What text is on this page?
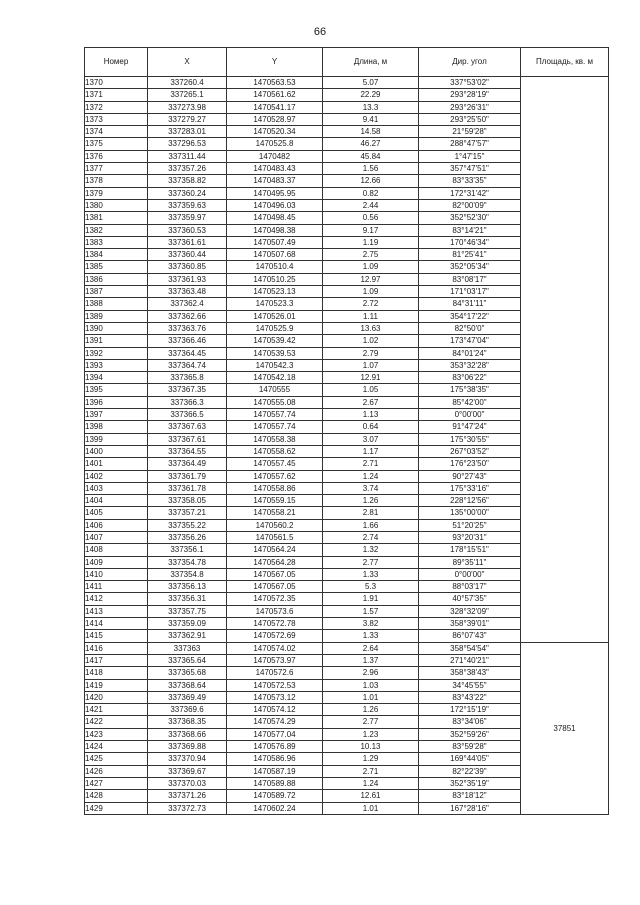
66
Номер	X	Y	Длина, м	Дир. угол	Площадь, кв. м
1370	337260.4	1470563.53	5.07	337°53'02"	
1371	337265.1	1470561.62	22.29	293°28'19"	
1372	337273.98	1470541.17	13.3	293°26'31"	
1373	337279.27	1470528.97	9.41	293°25'50"	
1374	337283.01	1470520.34	14.58	21°59'28"	
1375	337296.53	1470525.8	46.27	288°47'57"	
1376	337311.44	1470482	45.84	1°47'15"	
1377	337357.26	1470483.43	1.56	357°47'51"	
1378	337358.82	1470483.37	12.66	83°33'35"	
1379	337360.24	1470495.95	0.82	172°31'42"	
1380	337359.63	1470496.03	2.44	82°00'09"	
1381	337359.97	1470498.45	0.56	352°52'30"	
1382	337360.53	1470498.38	9.17	83°14'21"	
1383	337361.61	1470507.49	1.19	170°46'34"	
1384	337360.44	1470507.68	2.75	81°25'41"	
1385	337360.85	1470510.4	1.09	352°05'34"	
1386	337361.93	1470510.25	12.97	83°08'17"	
1387	337363.48	1470523.13	1.09	171°03'17"	
1388	337362.4	1470523.3	2.72	84°31'11"	
1389	337362.66	1470526.01	1.11	354°17'22"	
1390	337363.76	1470525.9	13.63	82°50'0"	
1391	337366.46	1470539.42	1.02	173°47'04"	
1392	337364.45	1470539.53	2.79	84°01'24"	
1393	337364.74	1470542.3	1.07	353°32'28"	
1394	337365.8	1470542.18	12.91	83°06'22"	
1395	337367.35	1470555	1.05	175°38'35"	
1396	337366.3	1470555.08	2.67	85°42'00"	
1397	337366.5	1470557.74	1.13	0°00'00"	
1398	337367.63	1470557.74	0.64	91°47'24"	
1399	337367.61	1470558.38	3.07	175°30'55"	
1400	337364.55	1470558.62	1.17	267°03'52"	
1401	337364.49	1470557.45	2.71	176°23'50"	
1402	337361.79	1470557.62	1.24	90°27'43"	
1403	337361.78	1470558.86	3.74	175°33'16"	
1404	337358.05	1470559.15	1.26	228°12'56"	
1405	337357.21	1470558.21	2.81	135°00'00"	
1406	337355.22	1470560.2	1.66	51°20'25"	
1407	337356.26	1470561.5	2.74	93°20'31"	
1408	337356.1	1470564.24	1.32	178°15'51"	
1409	337354.78	1470564.28	2.77	89°35'11"	
1410	337354.8	1470567.05	1.33	0°00'00"	
1411	337356.13	1470567.05	5.3	88°03'17"	
1412	337356.31	1470572.35	1.91	40°57'35"	
1413	337357.75	1470573.6	1.57	328°32'09"	
1414	337359.09	1470572.78	3.82	358°39'01"	
1415	337362.91	1470572.69	1.33	86°07'43"	
1416	337363	1470574.02	2.64	358°54'54"	37851
1417	337365.64	1470573.97	1.37	271°40'21"	
1418	337365.68	1470572.6	2.96	358°38'43"	
1419	337368.64	1470572.53	1.03	34°45'55"	
1420	337369.49	1470573.12	1.01	83°43'22"	
1421	337369.6	1470574.12	1.26	172°15'19"	
1422	337368.35	1470574.29	2.77	83°34'06"	
1423	337368.66	1470577.04	1.23	352°59'26"	
1424	337369.88	1470576.89	10.13	83°59'28"	
1425	337370.94	1470586.96	1.29	169°44'05"	
1426	337369.67	1470587.19	2.71	82°22'39"	
1427	337370.03	1470589.88	1.24	352°35'19"	
1428	337371.26	1470589.72	12.61	83°18'12"	
1429	337372.73	1470602.24	1.01	167°28'16"	
